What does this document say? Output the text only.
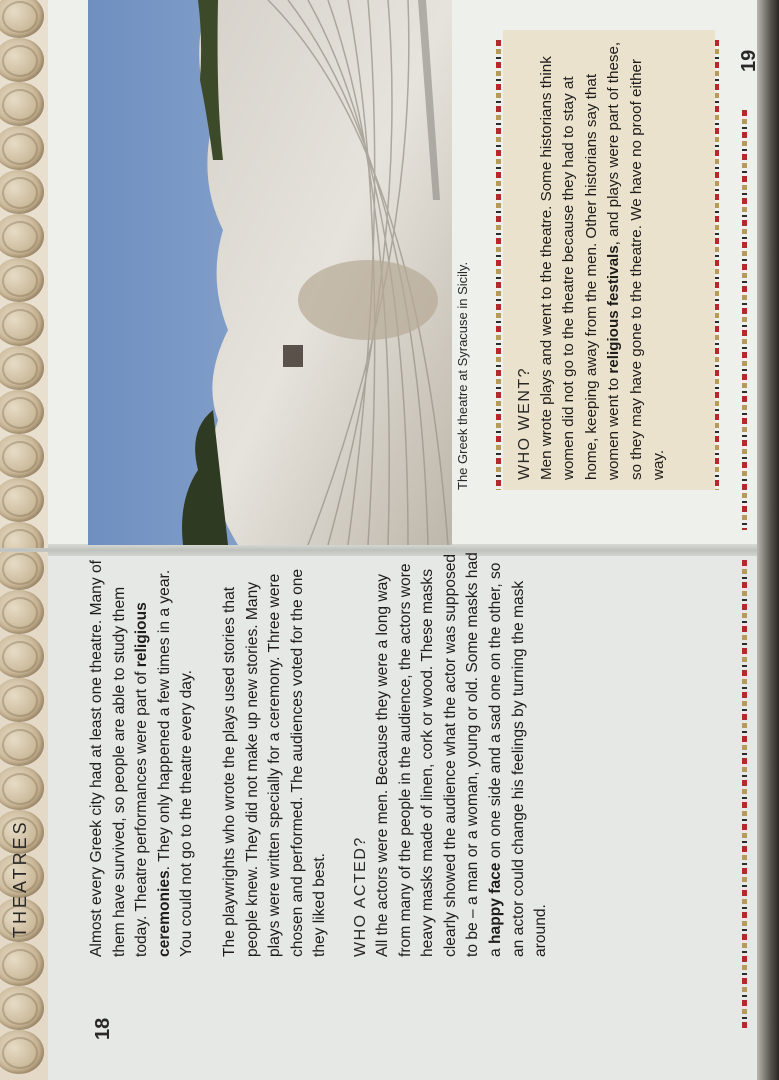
THEATRES
18
19

Almost every Greek city had at least one theatre. Many of them have survived, so people are able to study them today. Theatre performances were part of religious ceremonies. They only happened a few times in a year. You could not go to the theatre every day. The playwrights who wrote the plays used stories that people knew. They did not make up new stories. Many plays were written specially for a ceremony. Three were chosen and performed. The audiences voted for the one they liked best. WHO ACTED? All the actors were men. Because they were a long way from many of the people in the audience, the actors wore heavy masks made of linen, cork or wood. These masks clearly showed the audience what the actor was supposed to be – a man or a woman, young or old. Some masks had a happy face on one side and a sad one on the other, so an actor could change his feelings by turning the mask around.

The Greek theatre at Syracuse in Sicily.	WHO WENT? Men wrote plays and went to the theatre. Some historians think women did not go to the theatre because they had to stay at home, keeping away from the men. Other historians say that women went to religious festivals, and plays were part of these, so they may have gone to the theatre. We have no proof either way.
